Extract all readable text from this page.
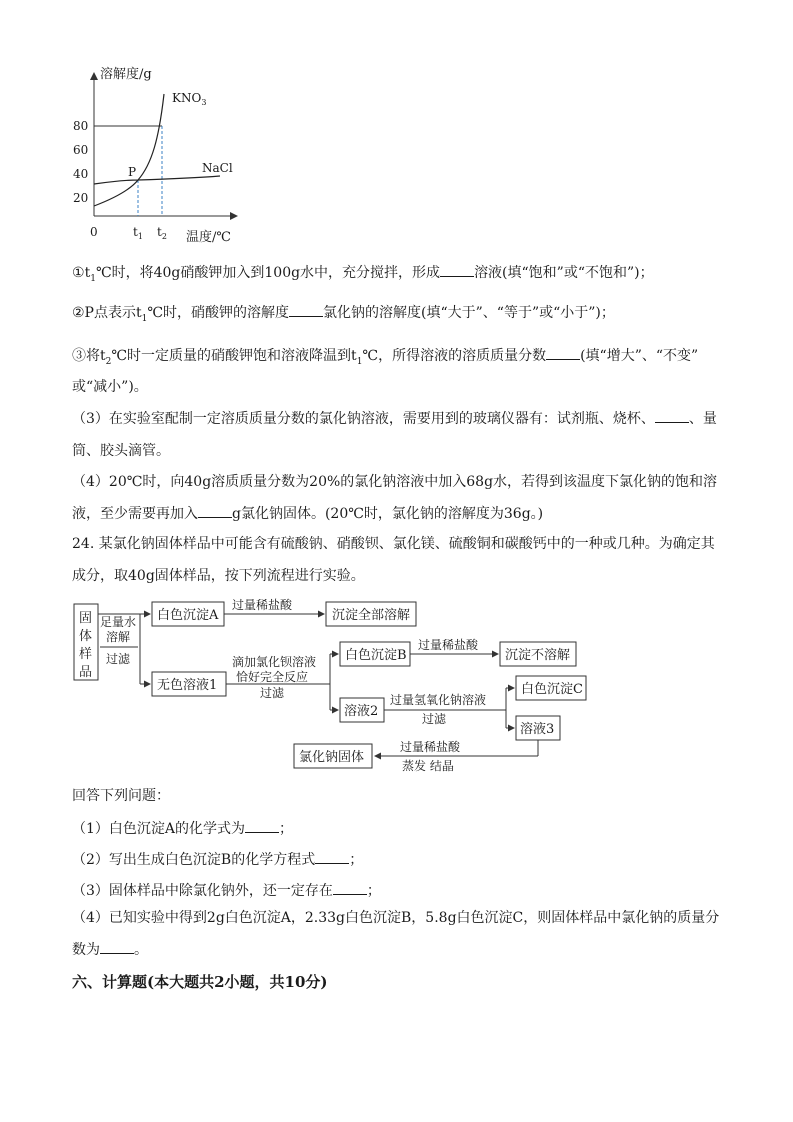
溶解度/g
温度/℃
0
20
40
60
80
$KNO_3$
NaCl
P
$t_1$ $t_2$
$①t_1℃$时，将40g硝酸钾加入到100g水中，充分搅拌，形成 溶液(填“饱和”或“不饱和”)；
②P点表示$t_1℃$时，硝酸钾的溶解度 氯化钠的溶解度(填“大于”、“等于”或“小于”)；
③将$t_2℃$时一定质量的硝酸钾饱和溶液降温到$t_1℃$，所得溶液的溶质质量分数 (填“增大”、“不变”
或“减小”)。
（3）在实验室配制一定溶质质量分数的氯化钠溶液，需要用到的玻璃仪器有：试剂瓶、烧杯、 、量筒、胶头滴管。
（4）20℃时，向40g溶质质量分数为20%的氯化钠溶液中加入68g水，若得到该温度下氯化钠的饱和溶液，至少需要再加入 g氯化钠固体。(20℃时，氯化钠的溶解度为36g。)
24. 某氯化钠固体样品中可能含有硫酸钠、硝酸钡、氯化镁、硫酸铜和碳酸钙中的一种或几种。为确定其成分，取40g固体样品，按下列流程进行实验。
固
体
样
品
足量水
溶解
过滤
白色沉淀A
过量稀盐酸
沉淀全部溶解
无色溶液1
滴加氯化钡溶液
恰好完全反应
过滤
白色沉淀B
过量稀盐酸
沉淀不溶解
溶液2
过量氢氧化钠溶液
过滤
白色沉淀C
溶液3
过量稀盐酸
蒸发 结晶
氯化钠固体
回答下列问题：
（1）白色沉淀A的化学式为 ；
（2）写出生成白色沉淀B的化学方程式 ；
（3）固体样品中除氯化钠外，还一定存在 ；
（4）已知实验中得到2g白色沉淀A，2.33g白色沉淀B，5.8g白色沉淀C，则固体样品中氯化钠的质量分数为 。
六、计算题(本大题共2小题，共10分)
